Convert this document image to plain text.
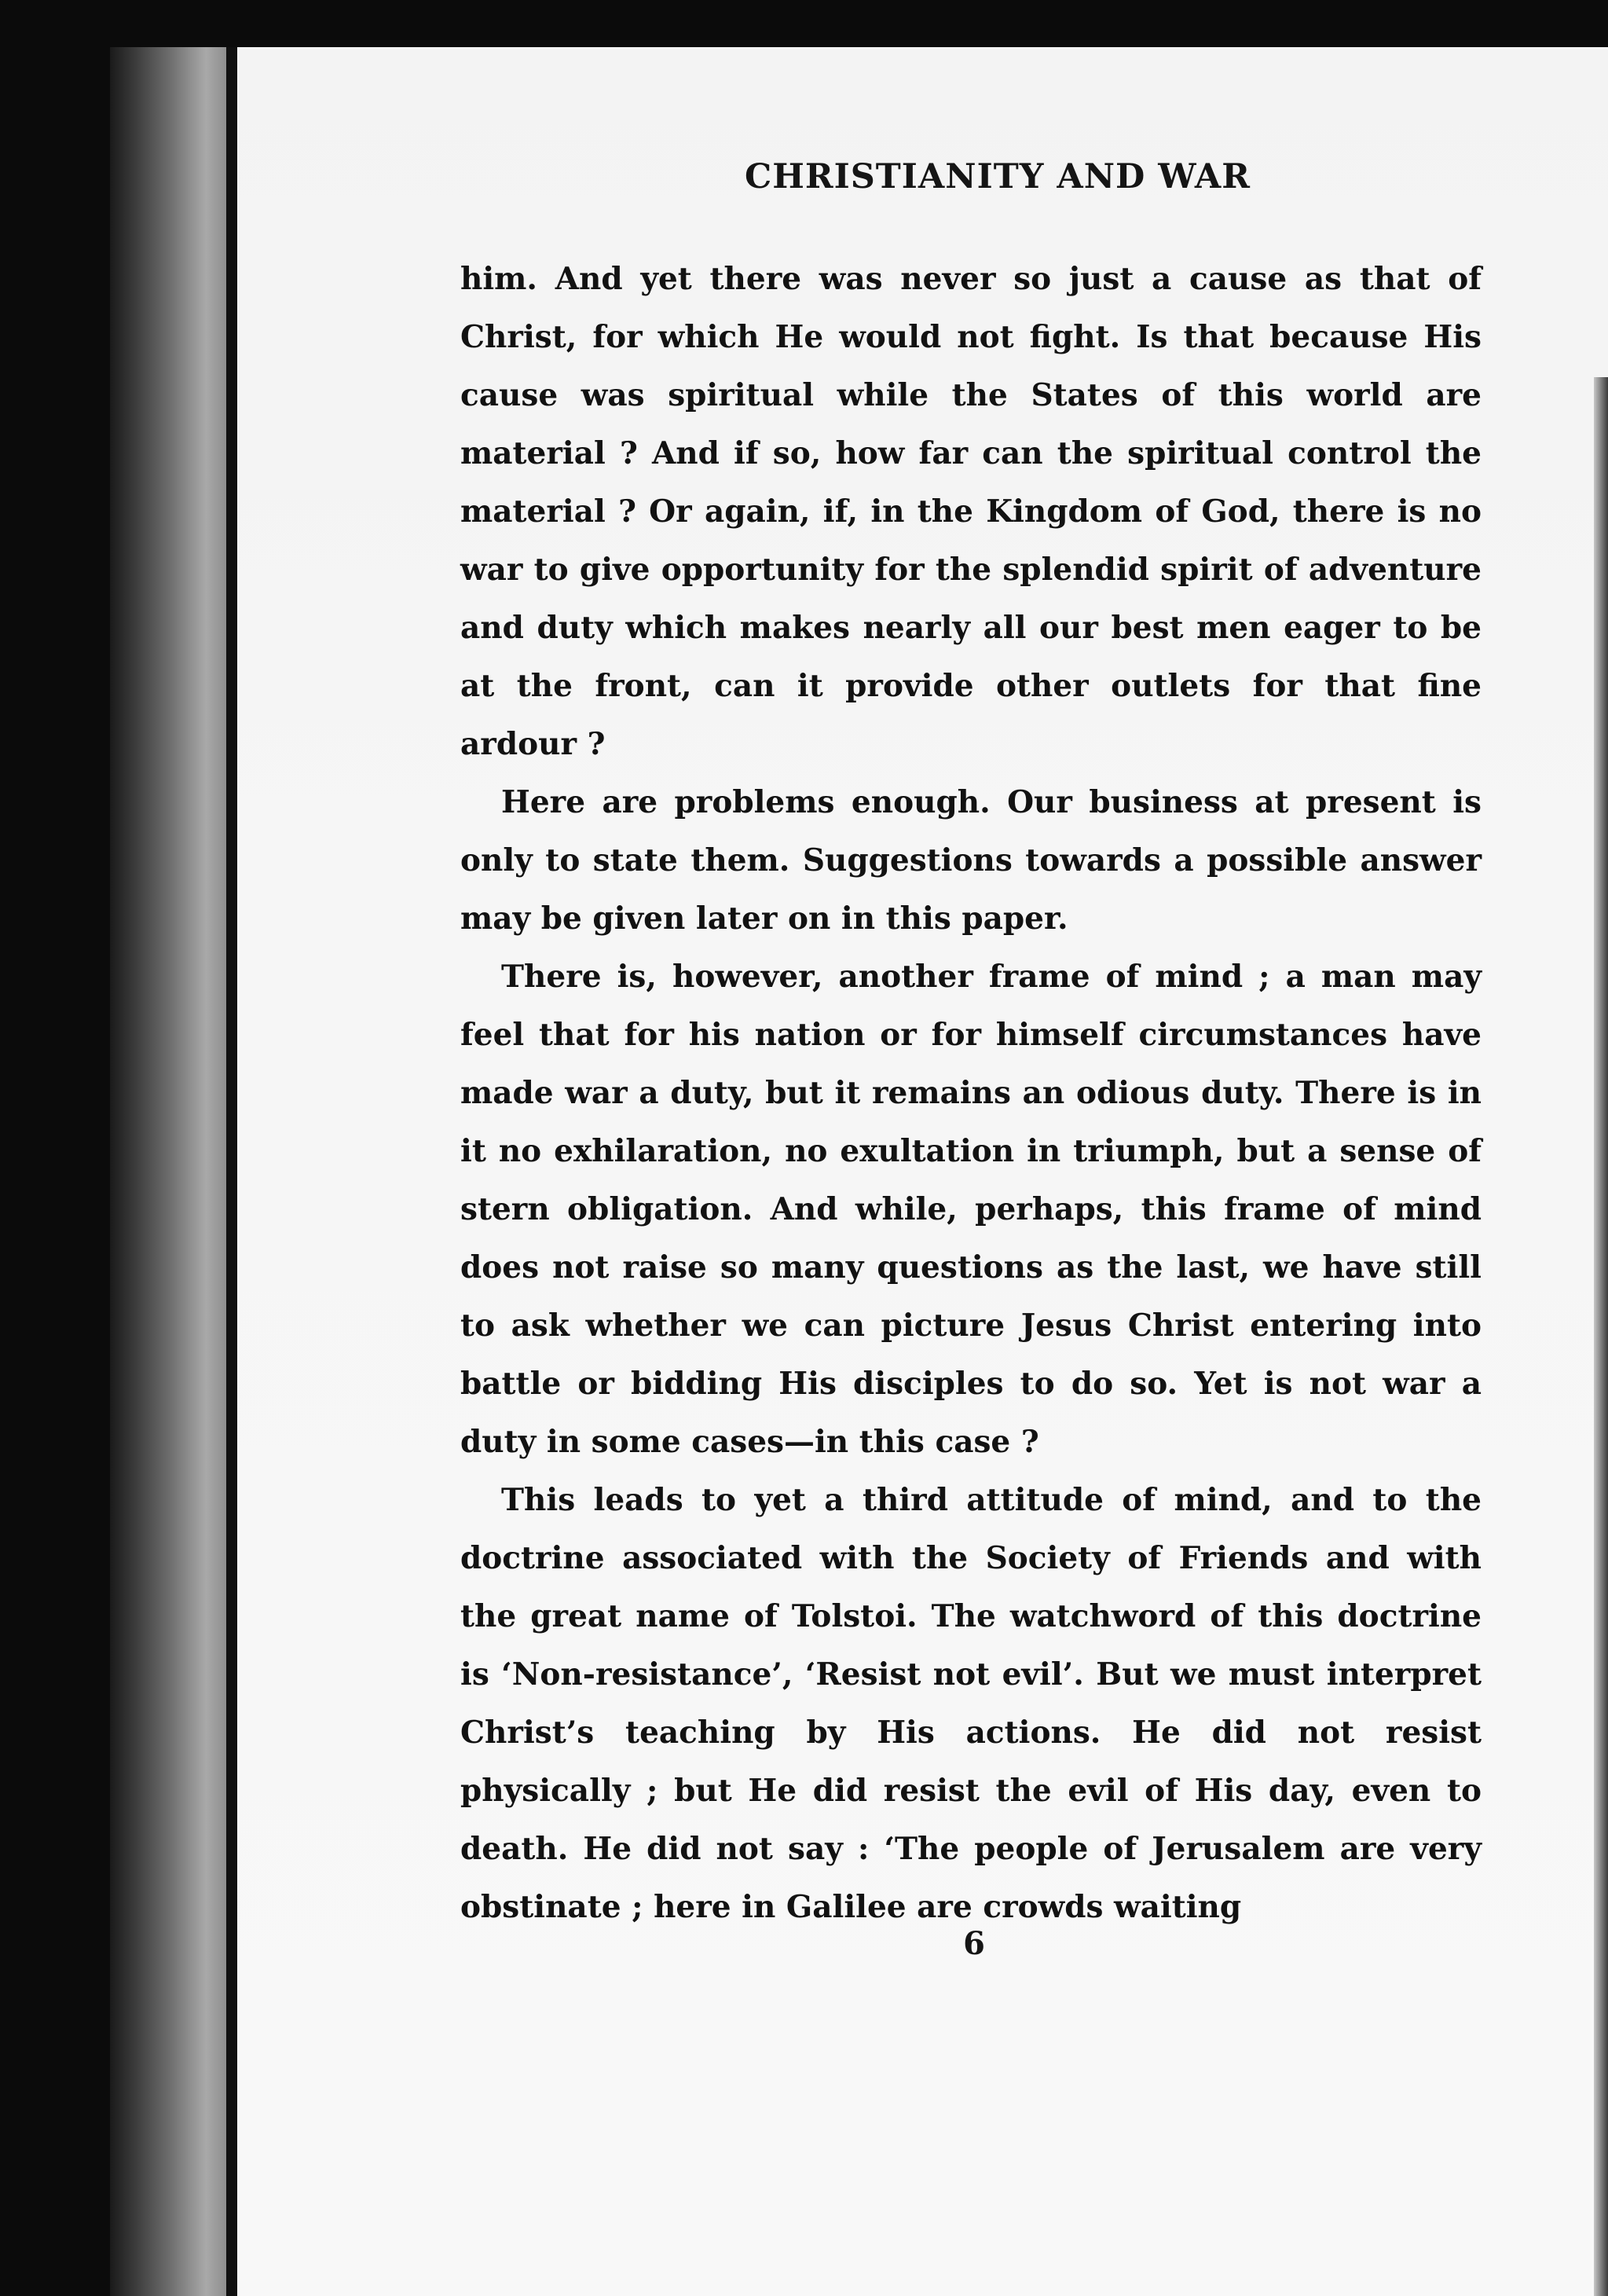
CHRISTIANITY AND WAR

him. And yet there was never so just a cause as that of Christ, for which He would not fight. Is that because His cause was spiritual while the States of this world are material ? And if so, how far can the spiritual control the material ? Or again, if, in the Kingdom of God, there is no war to give opportunity for the splendid spirit of adventure and duty which makes nearly all our best men eager to be at the front, can it provide other outlets for that fine ardour ?

Here are problems enough. Our business at present is only to state them. Suggestions towards a possible answer may be given later on in this paper.

There is, however, another frame of mind ; a man may feel that for his nation or for himself circumstances have made war a duty, but it remains an odious duty. There is in it no exhilaration, no exultation in triumph, but a sense of stern obligation. And while, perhaps, this frame of mind does not raise so many questions as the last, we have still to ask whether we can picture Jesus Christ entering into battle or bidding His disciples to do so. Yet is not war a duty in some cases—in this case ?

This leads to yet a third attitude of mind, and to the doctrine associated with the Society of Friends and with the great name of Tolstoi. The watchword of this doctrine is ‘Non-resistance’, ‘Resist not evil’. But we must interpret Christ’s teaching by His actions. He did not resist physically ; but He did resist the evil of His day, even to death. He did not say : ‘The people of Jerusalem are very obstinate ; here in Galilee are crowds waiting

6
